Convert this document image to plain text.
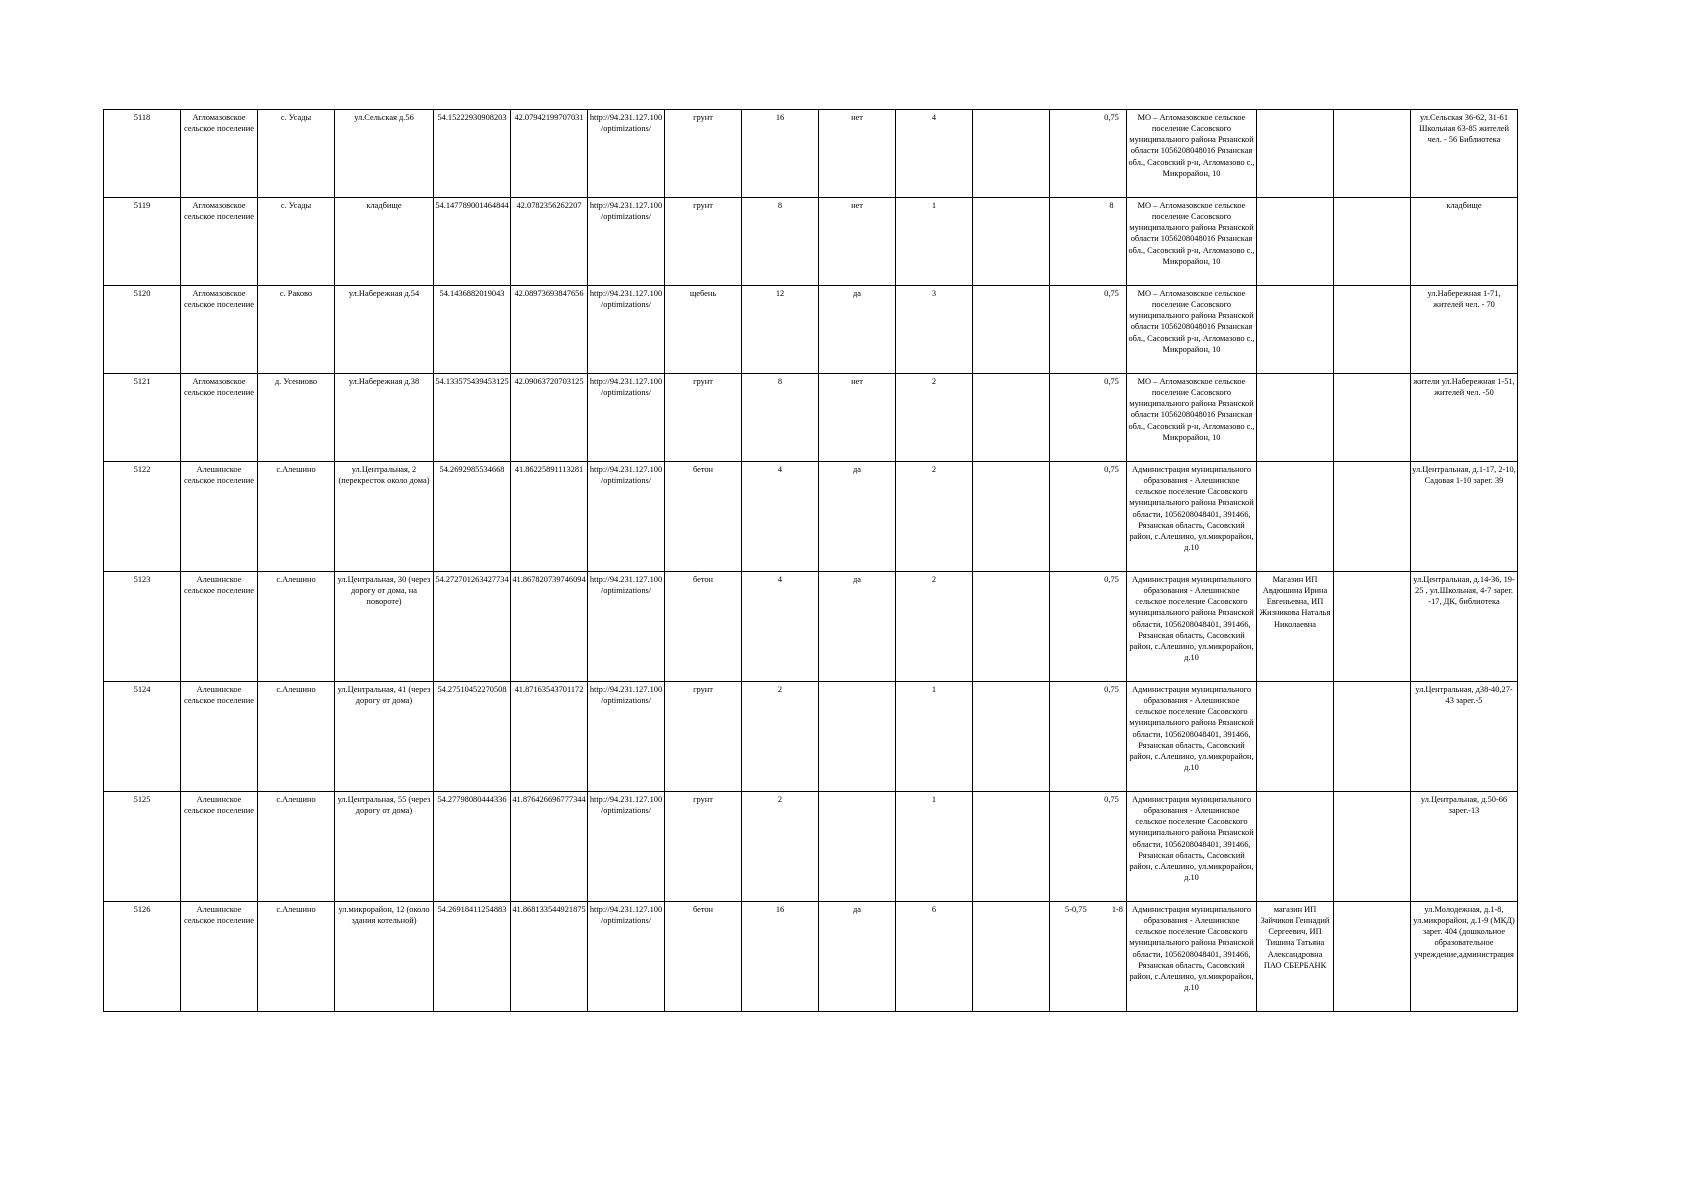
5118	Агломазовское сельское поселение	с. Усады	ул.Сельская д.56	54.15222930908203	42.07942199707031	http://94.231.127.100/optimizations/	грунт	16	нет	4		0,75	МО – Агломазовское сельское поселение Сасовского муниципального района Рязанской области 1056208048016 Рязанская обл., Сасовский р-н, Агломазово с., Микрорайон, 10			ул.Сельская 36-62, 31-61 Школьная 63-85 жителей чел. - 56 Библиотека
5119	Агломазовское сельское поселение	с. Усады	кладбище	54.147789001464844	42.0782356262207	http://94.231.127.100/optimizations/	грунт	8	нет	1		8	МО – Агломазовское сельское поселение Сасовского муниципального района Рязанской области 1056208048016 Рязанская обл., Сасовский р-н, Агломазово с., Микрорайон, 10			кладбище
5120	Агломазовское сельское поселение	с. Раково	ул.Набережная д.54	54.1436882019043	42.08973693847656	http://94.231.127.100/optimizations/	щебень	12	да	3		0,75	МО – Агломазовское сельское поселение Сасовского муниципального района Рязанской области 1056208048016 Рязанская обл., Сасовский р-н, Агломазово с., Микрорайон, 10			ул.Набережная 1-71, жителей чел. - 70
5121	Агломазовское сельское поселение	д. Усениово	ул.Набережная д.38	54.133575439453125	42.09063720703125	http://94.231.127.100/optimizations/	грунт	8	нет	2		0,75	МО – Агломазовское сельское поселение Сасовского муниципального района Рязанской области 1056208048016 Рязанская обл., Сасовский р-н, Агломазово с., Микрорайон, 10			жители ул.Набережная 1-51, жителей чел. -50
5122	Алешинское сельское поселение	с.Алешино	ул.Центральная, 2 (перекресток около дома)	54.2692985534668	41.86225891113281	http://94.231.127.100/optimizations/	бетон	4	да	2		0,75	Администрация муниципального образования - Алешинское сельское поселение Сасовского муниципального района Рязанской области, 1056208048401, 391466, Рязанская область, Сасовский район, с.Алешино, ул.микрорайон, д.10			ул.Центральная, д.1-17, 2-10, Садовая 1-10 зарег. 39
5123	Алешинское сельское поселение	с.Алешино	ул.Центральная, 30 (через дорогу от дома, на повороте)	54.272701263427734	41.867820739746094	http://94.231.127.100/optimizations/	бетон	4	да	2		0,75	Администрация муниципального образования - Алешинское сельское поселение Сасовского муниципального района Рязанской области, 1056208048401, 391466, Рязанская область, Сасовский район, с.Алешино, ул.микрорайон, д.10	Магазин ИП Авдюшина Ирина Евгеньевна, ИП Жизникова Наталья Николаевна		ул.Центральная, д.14-36, 19-25 , ул.Школьная, 4-7 зарег. -17, ДК, библиотека
5124	Алешинское сельское поселение	с.Алешино	ул.Центральная, 41 (через дорогу от дома)	54.27510452270508	41.87163543701172	http://94.231.127.100/optimizations/	грунт	2		1		0,75	Администрация муниципального образования - Алешинское сельское поселение Сасовского муниципального района Рязанской области, 1056208048401, 391466, Рязанская область, Сасовский район, с.Алешино, ул.микрорайон, д.10			ул.Центральная, д38-40,27-43 зарег.-5
5125	Алешинское сельское поселение	с.Алешино	ул.Центральная, 55 (через дорогу от дома)	54.27798080444336	41.876426696777344	http://94.231.127.100/optimizations/	грунт	2		1		0,75	Администрация муниципального образования - Алешинское сельское поселение Сасовского муниципального района Рязанской области, 1056208048401, 391466, Рязанская область, Сасовский район, с.Алешино, ул.микрорайон, д.10			ул.Центральная, д.50-66 зарег.-13
5126	Алешинское сельское поселение	с.Алешино	ул.микрорайон, 12 (около здания котельной)	54.26918411254883	41.868133544921875	http://94.231.127.100/optimizations/	бетон	16	да	6		5-0,75 1-8	Администрация муниципального образования - Алешинское сельское поселение Сасовского муниципального района Рязанской области, 1056208048401, 391466, Рязанская область, Сасовский район, с.Алешино, ул.микрорайон, д.10	магазин ИП Зайчиков Геннадий Сергеевич, ИП Тишина Татьяна Александровна ПАО СБЕРБАНК		ул.Молодежная, д.1-8, ул.микрорайон, д.1-9 (МКД) зарег. 404 (дошкольное образовательное учреждение,администрация
